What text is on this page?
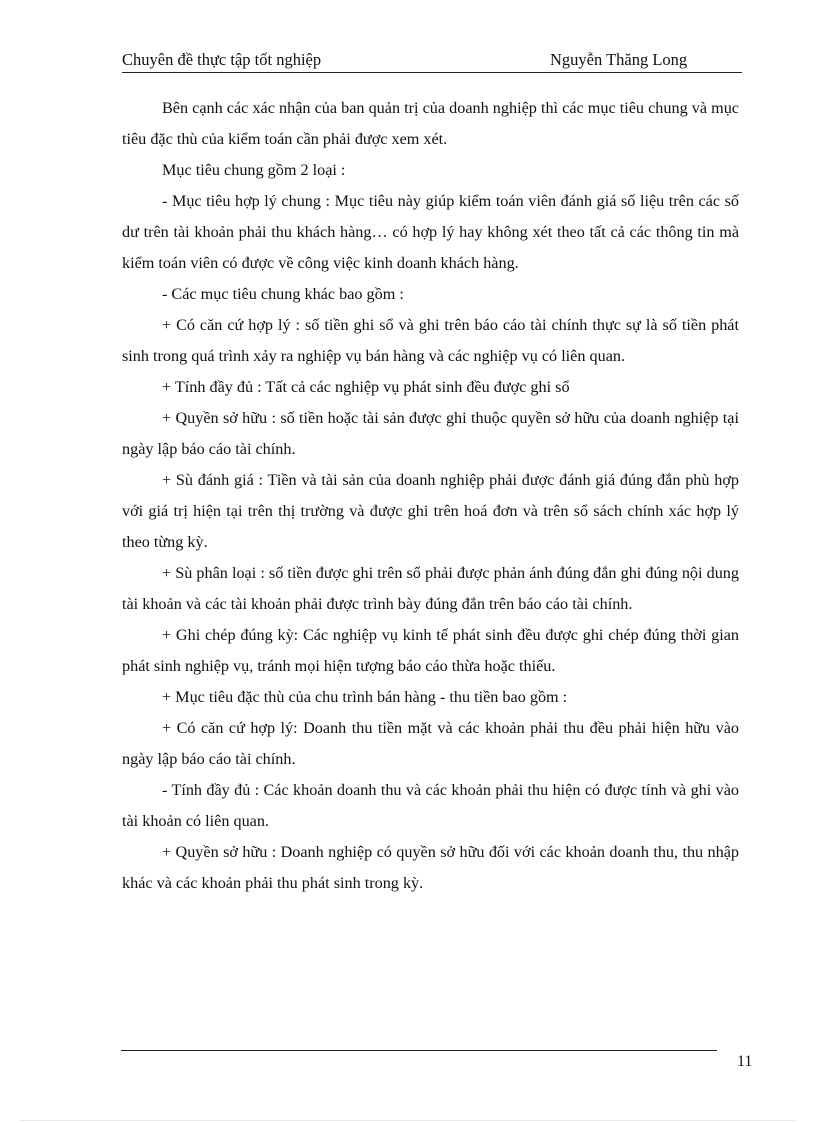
Chuyên đề thực tập tốt nghiệp	Nguyễn Thăng Long

Bên cạnh các xác nhận của ban quản trị của doanh nghiệp thì các mục tiêu chung và mục tiêu đặc thù của kiểm toán cần phải được xem xét.

Mục tiêu chung gồm 2 loại :

- Mục tiêu hợp lý chung : Mục tiêu này giúp kiểm toán viên đánh giá số liệu trên các số dư trên tài khoản phải thu khách hàng… có hợp lý hay không xét theo tất cả các thông tin mà kiểm toán viên có được về công việc kinh doanh khách hàng.

- Các mục tiêu chung khác bao gồm :

+ Có căn cứ hợp lý : số tiền ghi sổ và ghi trên báo cáo tài chính thực sự là số tiền phát sinh trong quá trình xảy ra nghiệp vụ bán hàng và các nghiệp vụ có liên quan.

+ Tính đầy đủ : Tất cả các nghiệp vụ phát sinh đều được ghi sổ

+ Quyền sở hữu : số tiền hoặc tài sản được ghi thuộc quyền sở hữu của doanh nghiệp tại ngày lập báo cáo tài chính.

+ Sù đánh giá : Tiền và tài sản của doanh nghiệp phải được đánh giá đúng đắn phù hợp với giá trị hiện tại trên thị trường và được ghi trên hoá đơn và trên sổ sách chính xác hợp lý theo từng kỳ.

+ Sù phân loại : số tiền được ghi trên sổ phải được phản ánh đúng đắn ghi đúng nội dung tài khoản và các tài khoản phải được trình bày đúng đắn trên báo cáo tài chính.

+ Ghi chép đúng kỳ: Các nghiệp vụ kinh tế phát sinh đều được ghi chép đúng thời gian phát sinh nghiệp vụ, tránh mọi hiện tượng báo cáo thừa hoặc thiếu.

+ Mục tiêu đặc thù của chu trình bán hàng - thu tiền bao gồm :

+ Có căn cứ hợp lý: Doanh thu tiền mặt và các khoản phải thu đều phải hiện hữu vào ngày lập báo cáo tài chính.

- Tính đầy đủ : Các khoản doanh thu và các khoản phải thu hiện có được tính và ghi vào tài khoản có liên quan.

+ Quyền sở hữu : Doanh nghiệp có quyền sở hữu đối với các khoản doanh thu, thu nhập khác và các khoản phải thu phát sinh trong kỳ.

11
